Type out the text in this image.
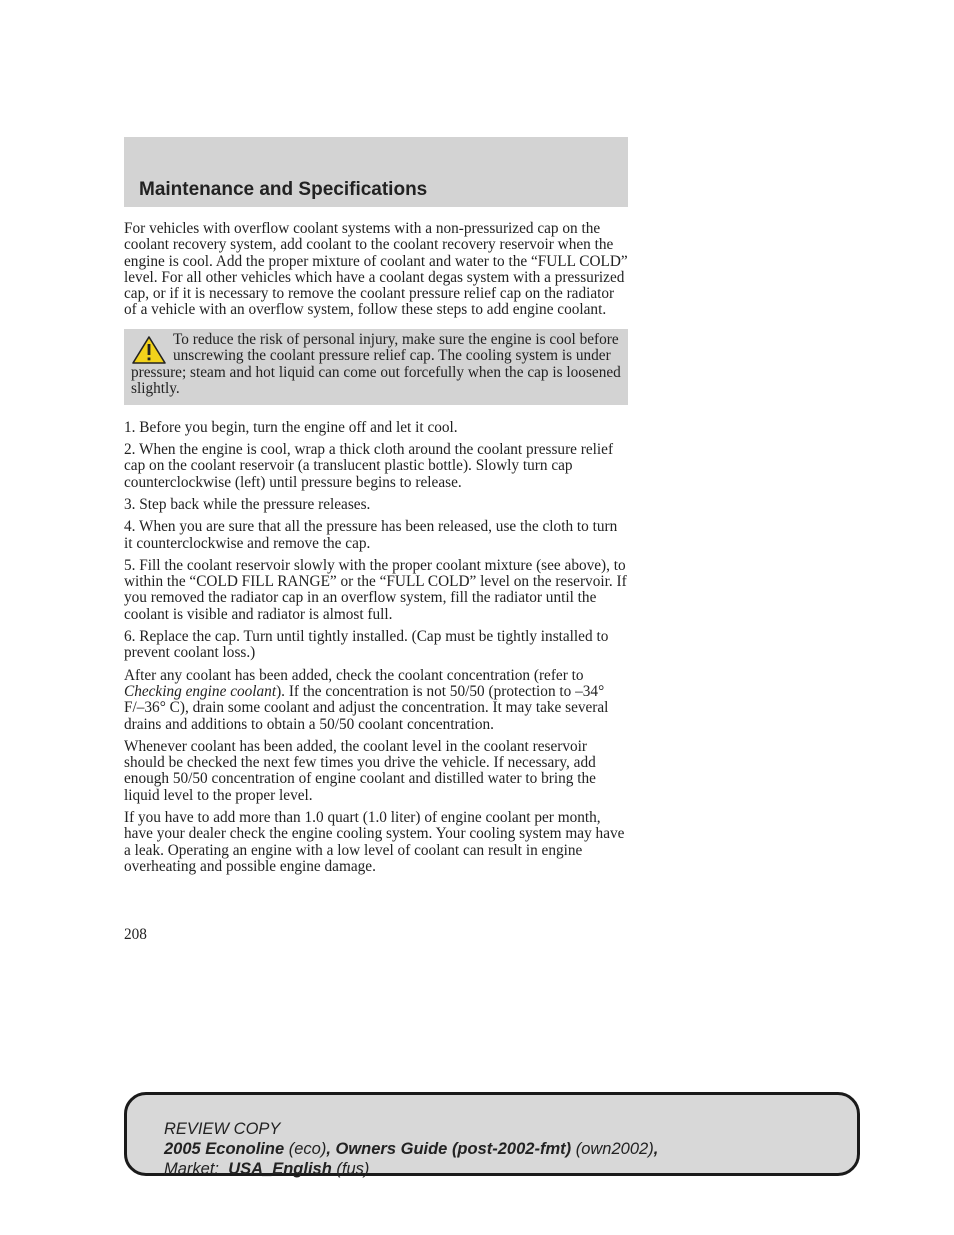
Maintenance and Specifications

For vehicles with overflow coolant systems with a non-pressurized cap on the coolant recovery system, add coolant to the coolant recovery reservoir when the engine is cool. Add the proper mixture of coolant and water to the “FULL COLD” level. For all other vehicles which have a coolant degas system with a pressurized cap, or if it is necessary to remove the coolant pressure relief cap on the radiator of a vehicle with an overflow system, follow these steps to add engine coolant.

To reduce the risk of personal injury, make sure the engine is cool before unscrewing the coolant pressure relief cap. The cooling system is under pressure; steam and hot liquid can come out forcefully when the cap is loosened slightly.

1. Before you begin, turn the engine off and let it cool.

2. When the engine is cool, wrap a thick cloth around the coolant pressure relief cap on the coolant reservoir (a translucent plastic bottle). Slowly turn cap counterclockwise (left) until pressure begins to release.

3. Step back while the pressure releases.

4. When you are sure that all the pressure has been released, use the cloth to turn it counterclockwise and remove the cap.

5. Fill the coolant reservoir slowly with the proper coolant mixture (see above), to within the “COLD FILL RANGE” or the “FULL COLD” level on the reservoir. If you removed the radiator cap in an overflow system, fill the radiator until the coolant is visible and radiator is almost full.

6. Replace the cap. Turn until tightly installed. (Cap must be tightly installed to prevent coolant loss.)

After any coolant has been added, check the coolant concentration (refer to Checking engine coolant). If the concentration is not 50/50 (protection to –34° F/–36° C), drain some coolant and adjust the concentration. It may take several drains and additions to obtain a 50/50 coolant concentration.

Whenever coolant has been added, the coolant level in the coolant reservoir should be checked the next few times you drive the vehicle. If necessary, add enough 50/50 concentration of engine coolant and distilled water to bring the liquid level to the proper level.

If you have to add more than 1.0 quart (1.0 liter) of engine coolant per month, have your dealer check the engine cooling system. Your cooling system may have a leak. Operating an engine with a low level of coolant can result in engine overheating and possible engine damage.

208
REVIEW COPY
2005 Econoline (eco), Owners Guide (post-2002-fmt) (own2002),
Market: USA_English (fus)
